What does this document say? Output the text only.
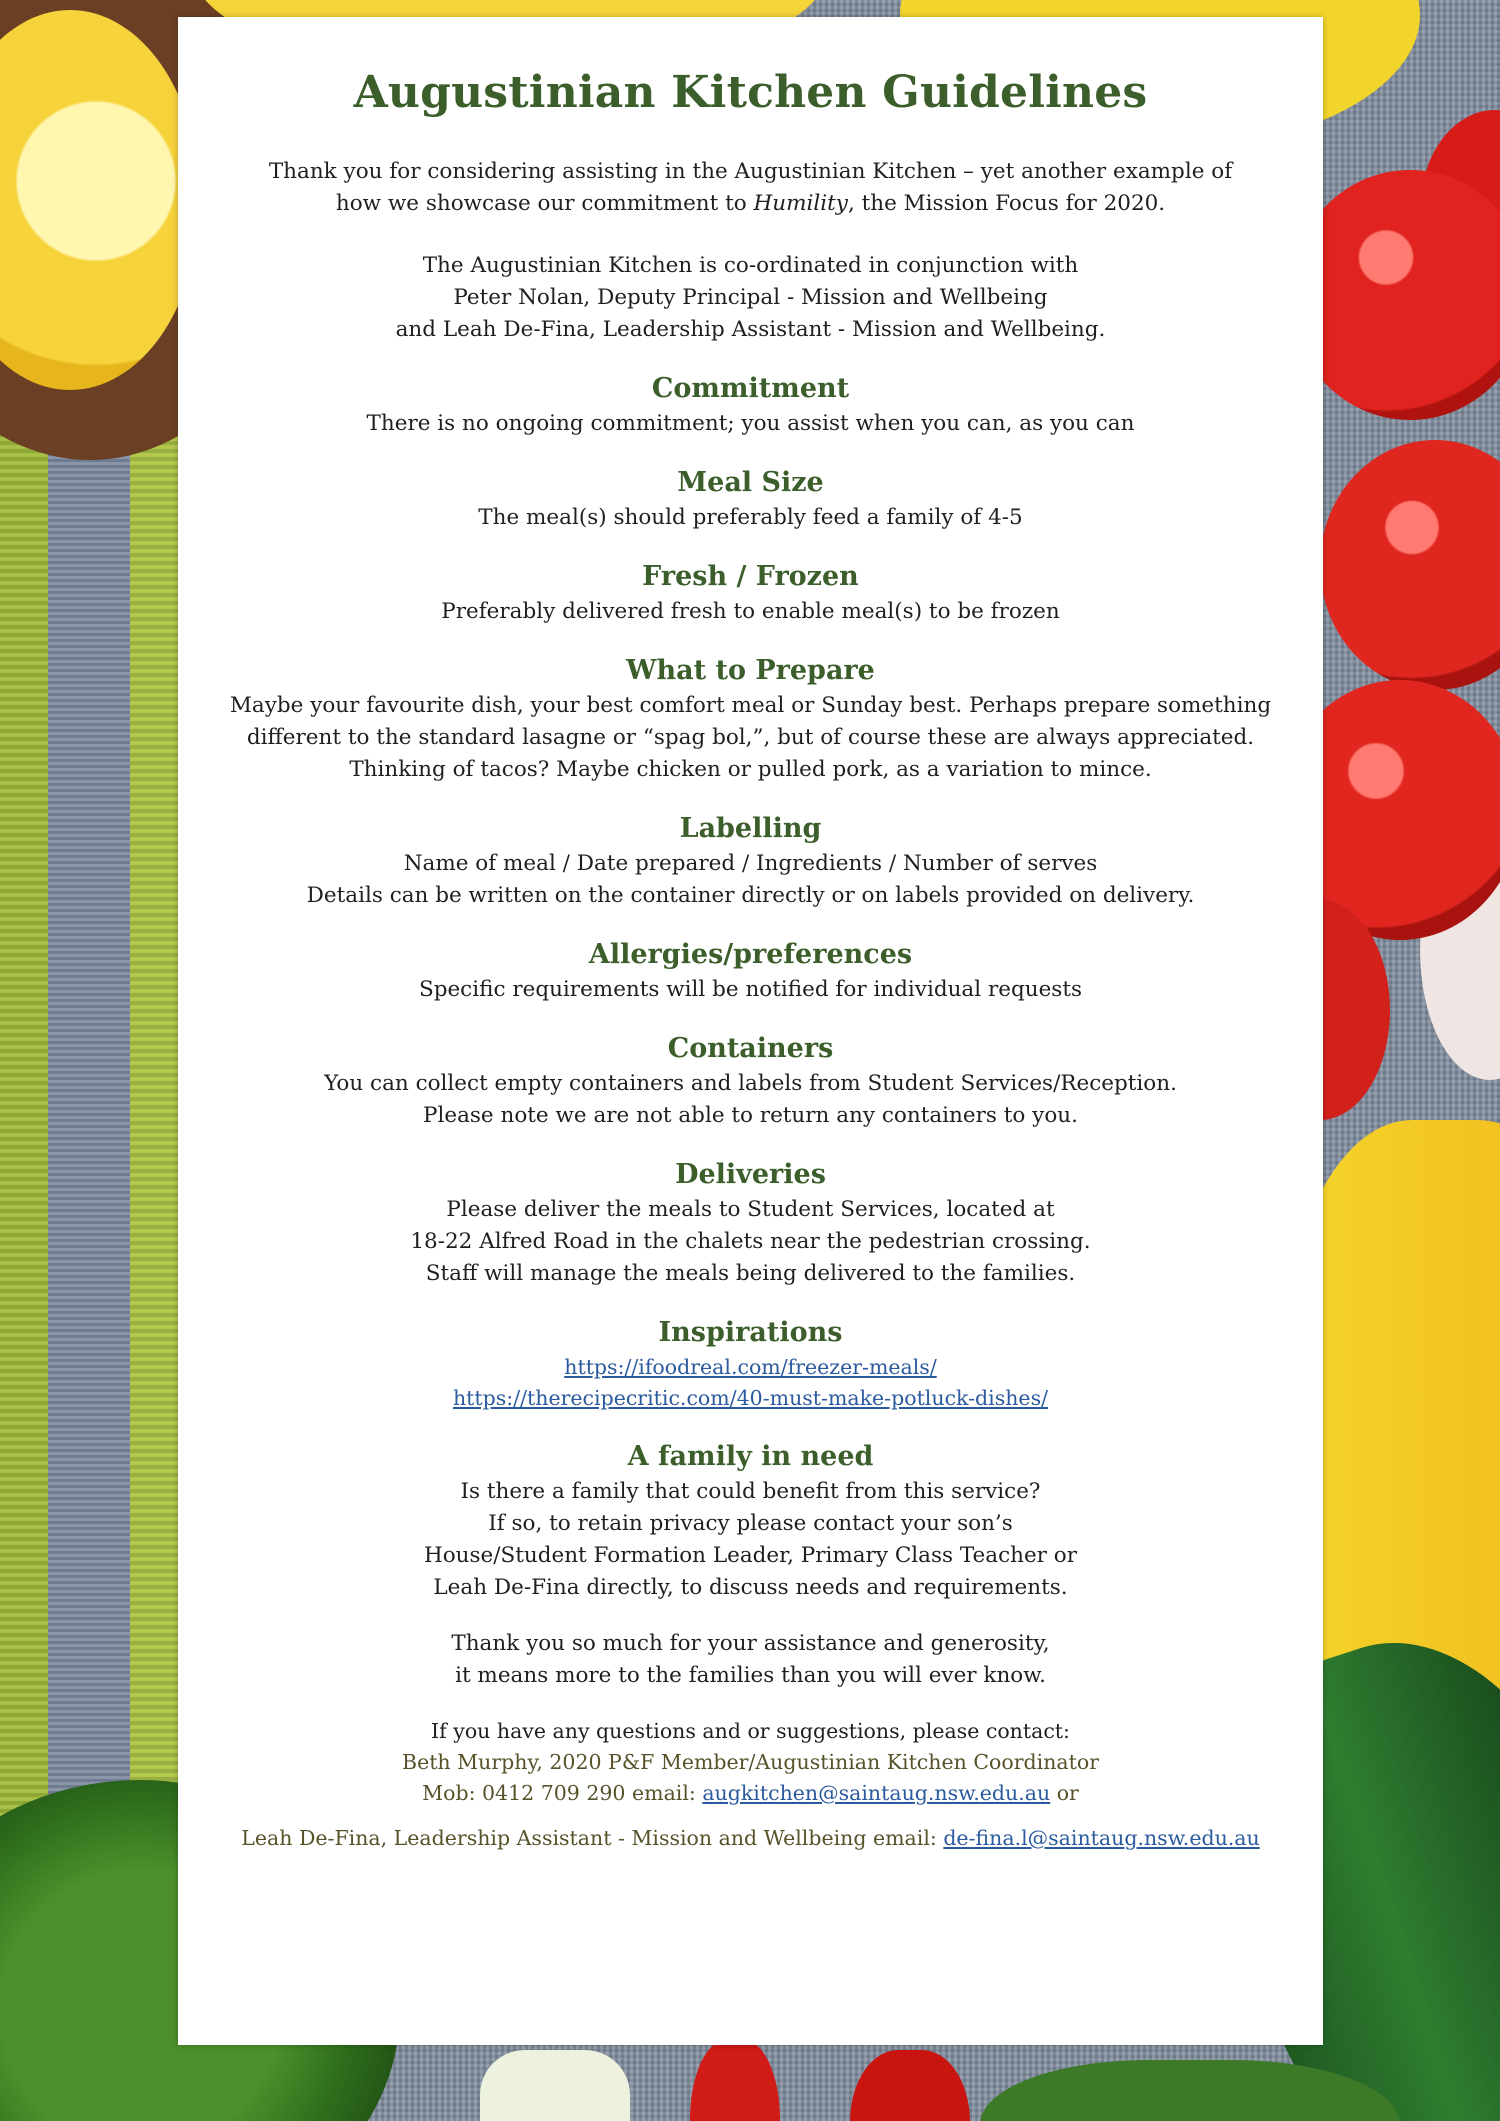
Augustinian Kitchen Guidelines

Thank you for considering assisting in the Augustinian Kitchen – yet another example of

how we showcase our commitment to Humility, the Mission Focus for 2020.

The Augustinian Kitchen is co-ordinated in conjunction with

Peter Nolan, Deputy Principal - Mission and Wellbeing

and Leah De-Fina, Leadership Assistant - Mission and Wellbeing.

Commitment

There is no ongoing commitment; you assist when you can, as you can

Meal Size

The meal(s) should preferably feed a family of 4-5

Fresh / Frozen

Preferably delivered fresh to enable meal(s) to be frozen

What to Prepare

Maybe your favourite dish, your best comfort meal or Sunday best. Perhaps prepare something

different to the standard lasagne or “spag bol,”, but of course these are always appreciated.

Thinking of tacos? Maybe chicken or pulled pork, as a variation to mince.

Labelling

Name of meal / Date prepared / Ingredients / Number of serves

Details can be written on the container directly or on labels provided on delivery.

Allergies/preferences

Specific requirements will be notified for individual requests

Containers

You can collect empty containers and labels from Student Services/Reception.

Please note we are not able to return any containers to you.

Deliveries

Please deliver the meals to Student Services, located at

18-22 Alfred Road in the chalets near the pedestrian crossing.

Staff will manage the meals being delivered to the families.

Inspirations
https://ifoodreal.com/freezer-meals/
https://therecipecritic.com/40-must-make-potluck-dishes/
A family in need

Is there a family that could benefit from this service?

If so, to retain privacy please contact your son’s

House/Student Formation Leader, Primary Class Teacher or

Leah De-Fina directly, to discuss needs and requirements.

Thank you so much for your assistance and generosity,

it means more to the families than you will ever know.

If you have any questions and or suggestions, please contact:
Beth Murphy, 2020 P&F Member/Augustinian Kitchen Coordinator
Mob: 0412 709 290 email: augkitchen@saintaug.nsw.edu.au or
Leah De-Fina, Leadership Assistant - Mission and Wellbeing email: de-fina.l@saintaug.nsw.edu.au
